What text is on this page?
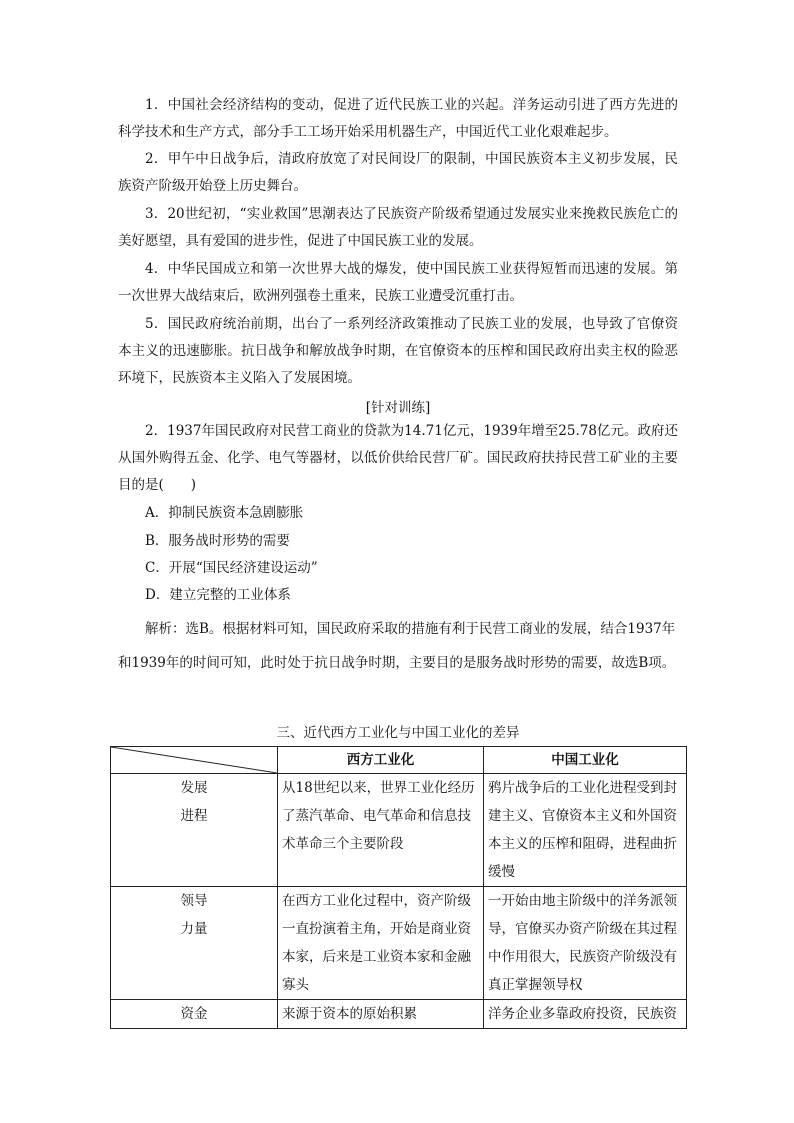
1．中国社会经济结构的变动，促进了近代民族工业的兴起。洋务运动引进了西方先进的科学技术和生产方式，部分手工工场开始采用机器生产，中国近代工业化艰难起步。

2．甲午中日战争后，清政府放宽了对民间设厂的限制，中国民族资本主义初步发展，民族资产阶级开始登上历史舞台。

3．20世纪初，“实业救国”思潮表达了民族资产阶级希望通过发展实业来挽救民族危亡的美好愿望，具有爱国的进步性，促进了中国民族工业的发展。

4．中华民国成立和第一次世界大战的爆发，使中国民族工业获得短暂而迅速的发展。第一次世界大战结束后，欧洲列强卷土重来，民族工业遭受沉重打击。

5．国民政府统治前期，出台了一系列经济政策推动了民族工业的发展，也导致了官僚资本主义的迅速膨胀。抗日战争和解放战争时期，在官僚资本的压榨和国民政府出卖主权的险恶环境下，民族资本主义陷入了发展困境。

[针对训练]

2．1937年国民政府对民营工商业的贷款为14.71亿元，1939年增至25.78亿元。政府还从国外购得五金、化学、电气等器材，以低价供给民营厂矿。国民政府扶持民营工矿业的主要目的是(　　)

A．抑制民族资本急剧膨胀

B．服务战时形势的需要

C．开展“国民经济建设运动”

D．建立完整的工业体系

解析：选B。根据材料可知，国民政府采取的措施有利于民营工商业的发展，结合1937年和1939年的时间可知，此时处于抗日战争时期，主要目的是服务战时形势的需要，故选B项。

三、近代西方工业化与中国工业化的差异

	西方工业化	中国工业化
发展
进程	从18世纪以来，世界工业化经历了蒸汽革命、电气革命和信息技术革命三个主要阶段	鸦片战争后的工业化进程受到封建主义、官僚资本主义和外国资本主义的压榨和阻碍，进程曲折缓慢
领导
力量	在西方工业化过程中，资产阶级一直扮演着主角，开始是商业资本家，后来是工业资本家和金融寡头	一开始由地主阶级中的洋务派领导，官僚买办资产阶级在其过程中作用很大，民族资产阶级没有真正掌握领导权
资金	来源于资本的原始积累	洋务企业多靠政府投资，民族资
